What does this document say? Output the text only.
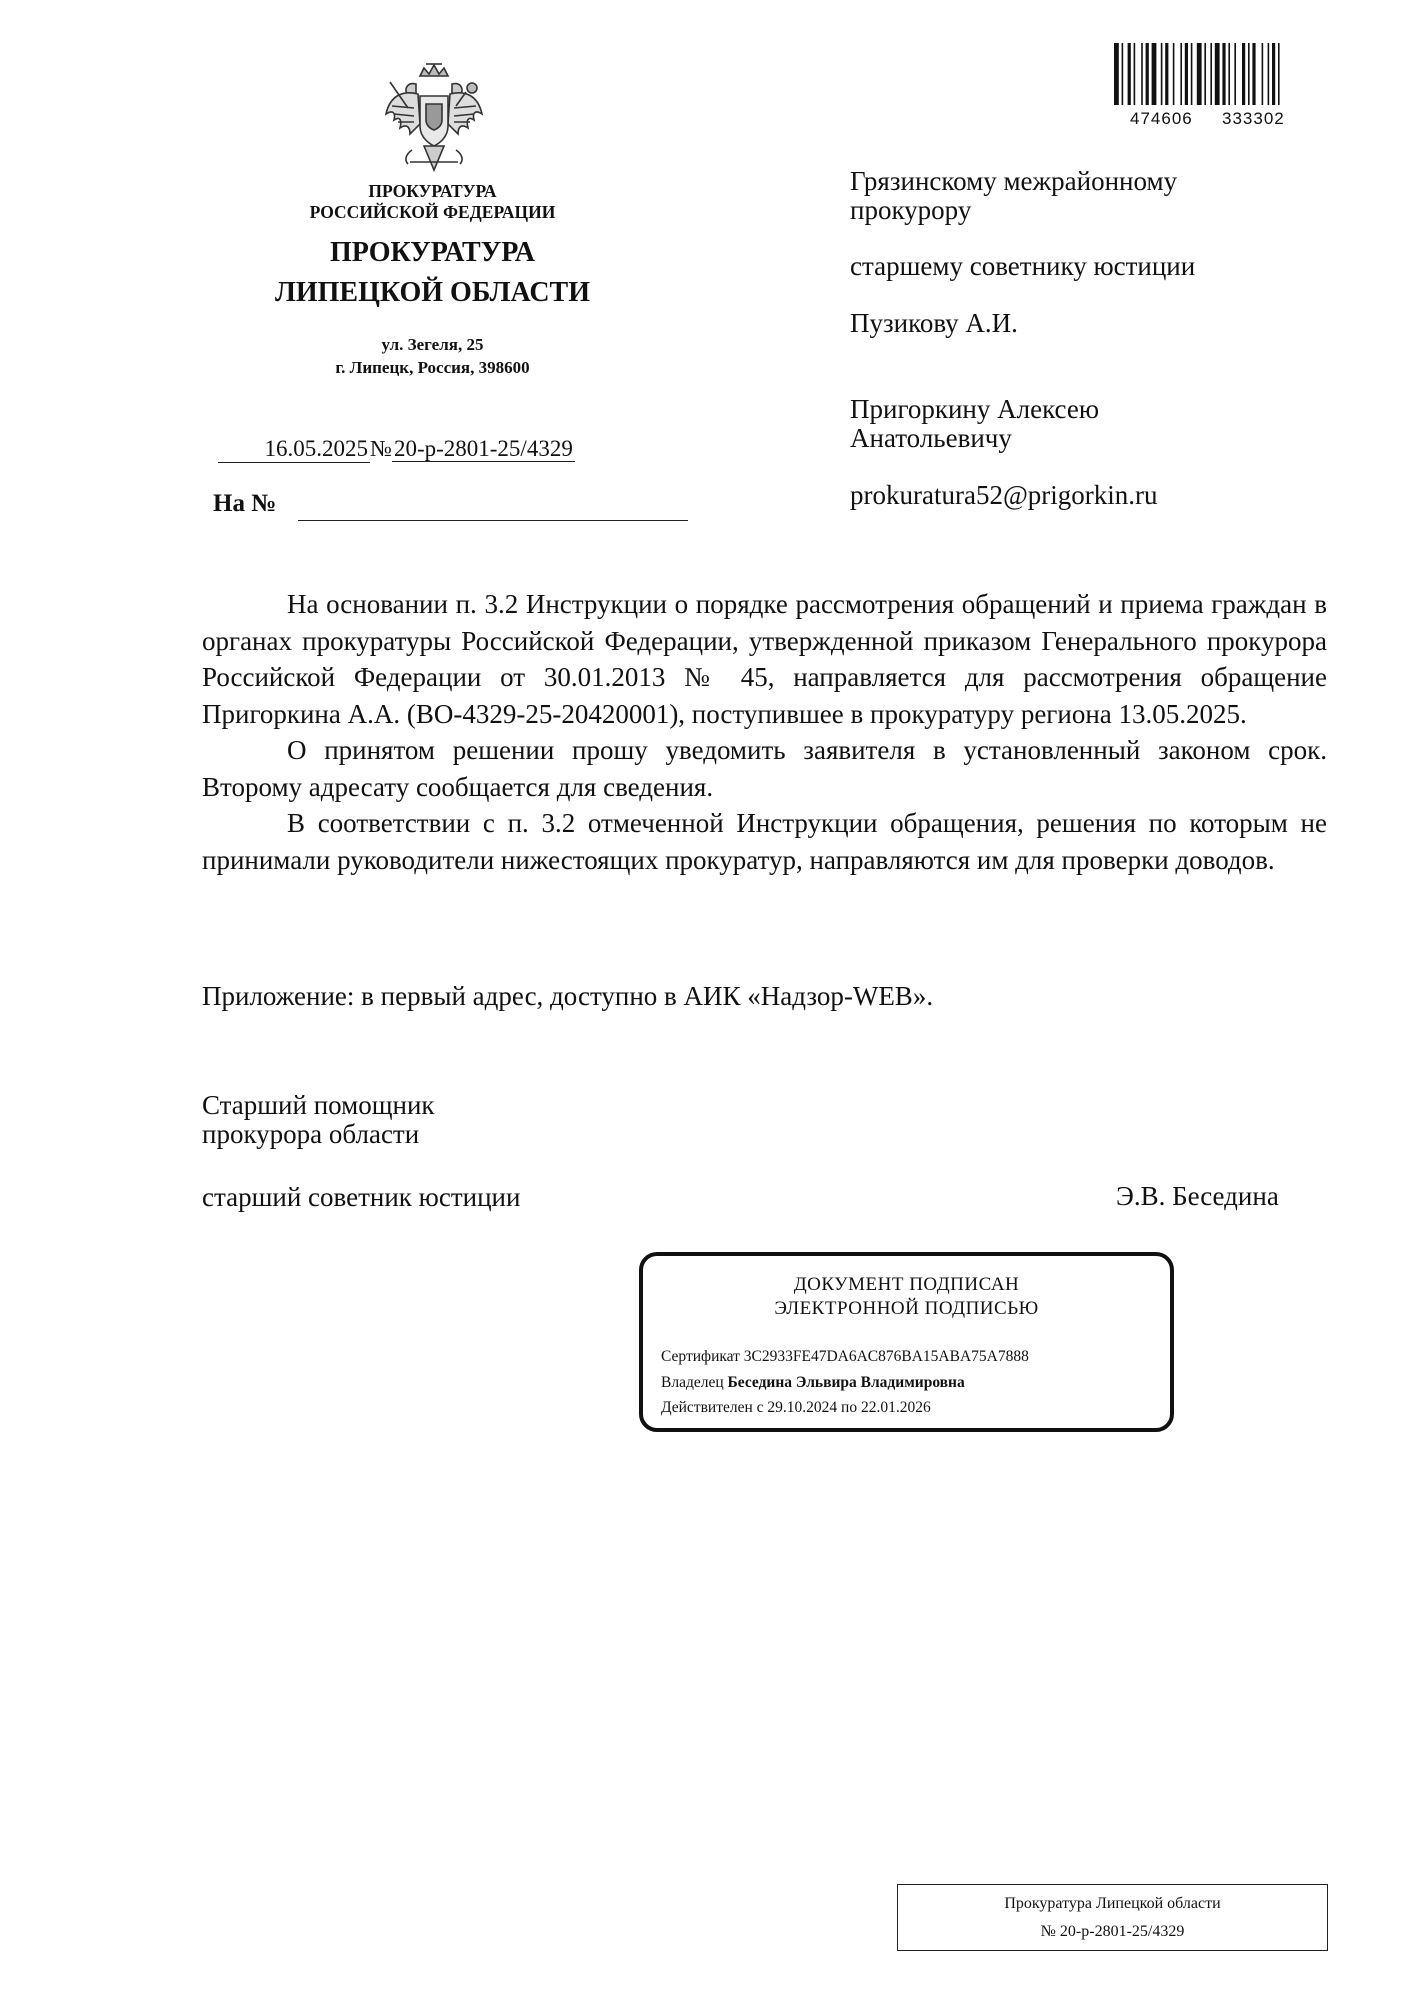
474606 333302
ПРОКУРАТУРА
РОССИЙСКОЙ ФЕДЕРАЦИИ
ПРОКУРАТУРА
ЛИПЕЦКОЙ ОБЛАСТИ
ул. Зегеля, 25
г. Липецк, Россия, 398600
16.05.2025№20-р-2801-25/4329
На №
Грязинскому межрайонному
прокурору
старшему советнику юстиции
Пузикову А.И.
Пригоркину Алексею
Анатольевичу
prokuratura52@prigorkin.ru

На основании п. 3.2 Инструкции о порядке рассмотрения обращений и приема граждан в органах прокуратуры Российской Федерации, утвержденной приказом Генерального прокурора Российской Федерации от 30.01.2013 № 45, направляется для рассмотрения обращение Пригоркина А.А. (ВО-4329-25-20420001), поступившее в прокуратуру региона 13.05.2025.

О принятом решении прошу уведомить заявителя в установленный законом срок. Второму адресату сообщается для сведения.

В соответствии с п. 3.2 отмеченной Инструкции обращения, решения по которым не принимали руководители нижестоящих прокуратур, направляются им для проверки доводов.

Приложение: в первый адрес, доступно в АИК «Надзор-WEB».
Старший помощник
прокурора области
старший советник юстиции	Э.В. Беседина
ДОКУМЕНТ ПОДПИСАН
ЭЛЕКТРОННОЙ ПОДПИСЬЮ
Сертификат 3C2933FE47DA6AC876BA15ABA75A7888
Владелец Беседина Эльвира Владимировна
Действителен с 29.10.2024 по 22.01.2026
Прокуратура Липецкой области
№ 20-р-2801-25/4329
